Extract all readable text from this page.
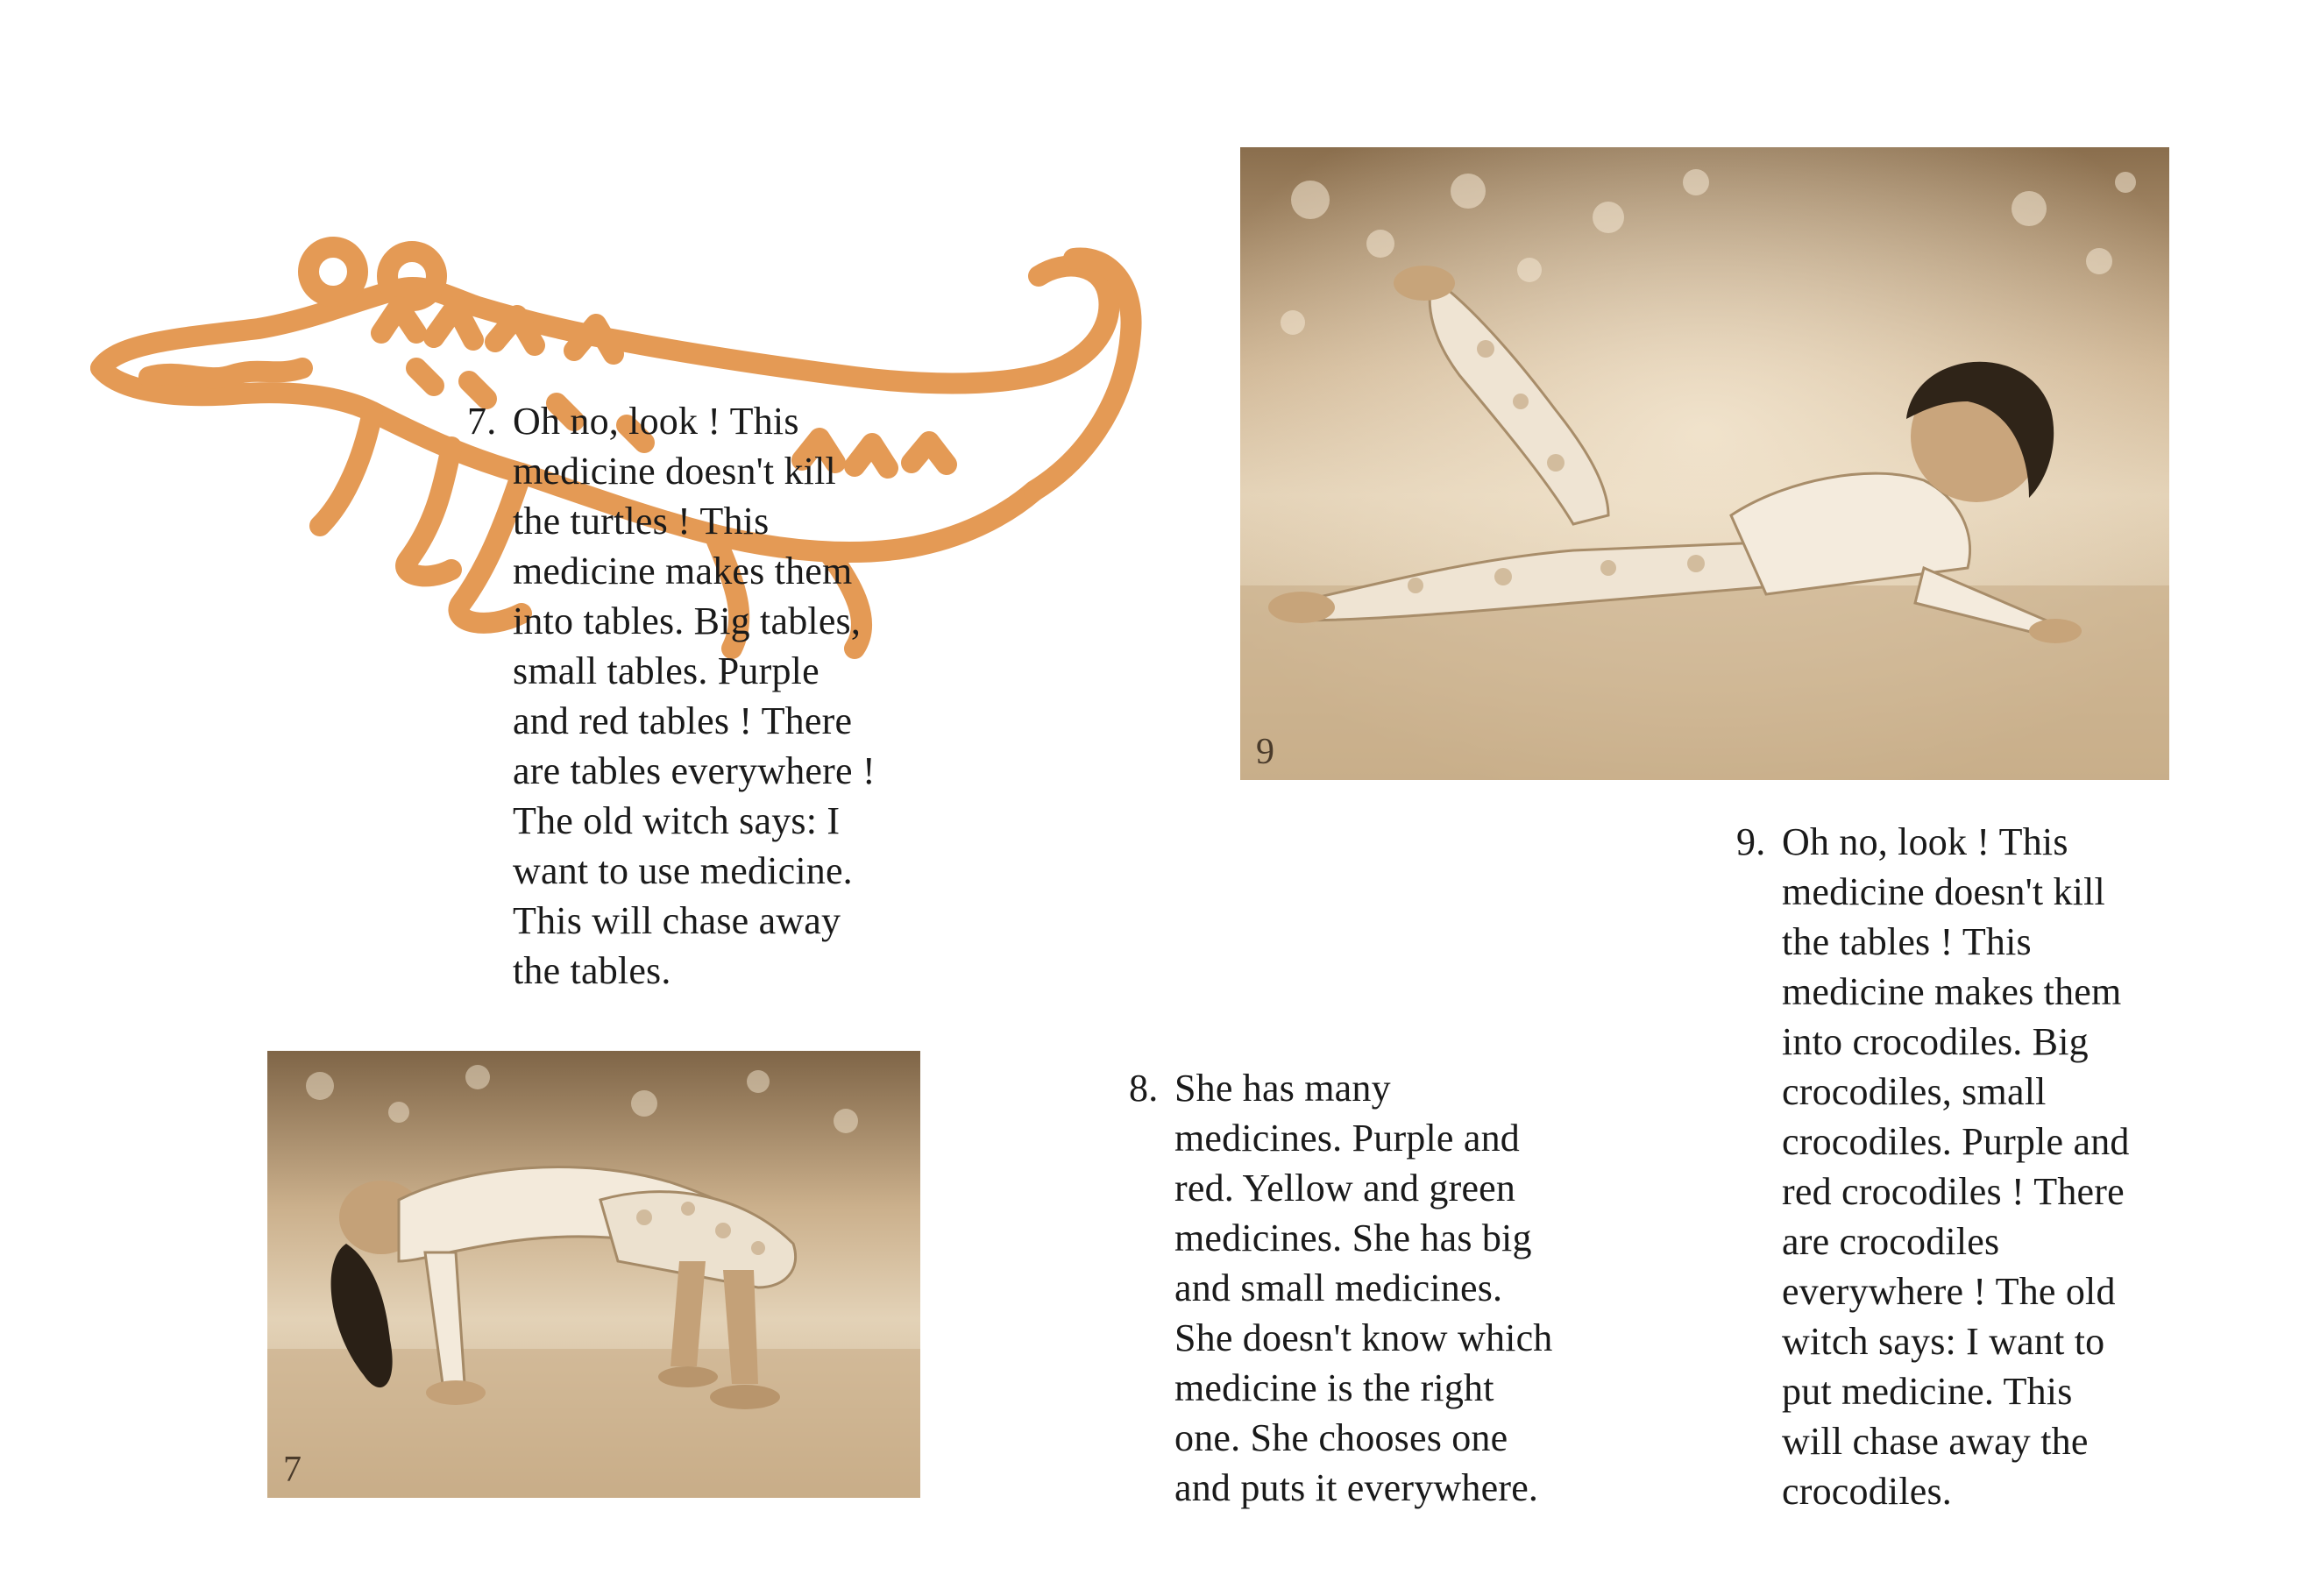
9
7
7. Oh no, look ! This
medicine doesn't kill
the turtles ! This
medicine makes them
into tables. Big tables,
small tables. Purple
and red tables ! There
are tables everywhere !
The old witch says: I
want to use medicine.
This will chase away
the tables.
8. She has many
medicines. Purple and
red. Yellow and green
medicines. She has big
and small medicines.
She doesn't know which
medicine is the right
one. She chooses one
and puts it everywhere.
9. Oh no, look ! This
medicine doesn't kill
the tables ! This
medicine makes them
into crocodiles. Big
crocodiles, small
crocodiles. Purple and
red crocodiles ! There
are crocodiles
everywhere ! The old
witch says: I want to
put medicine. This
will chase away the
crocodiles.
